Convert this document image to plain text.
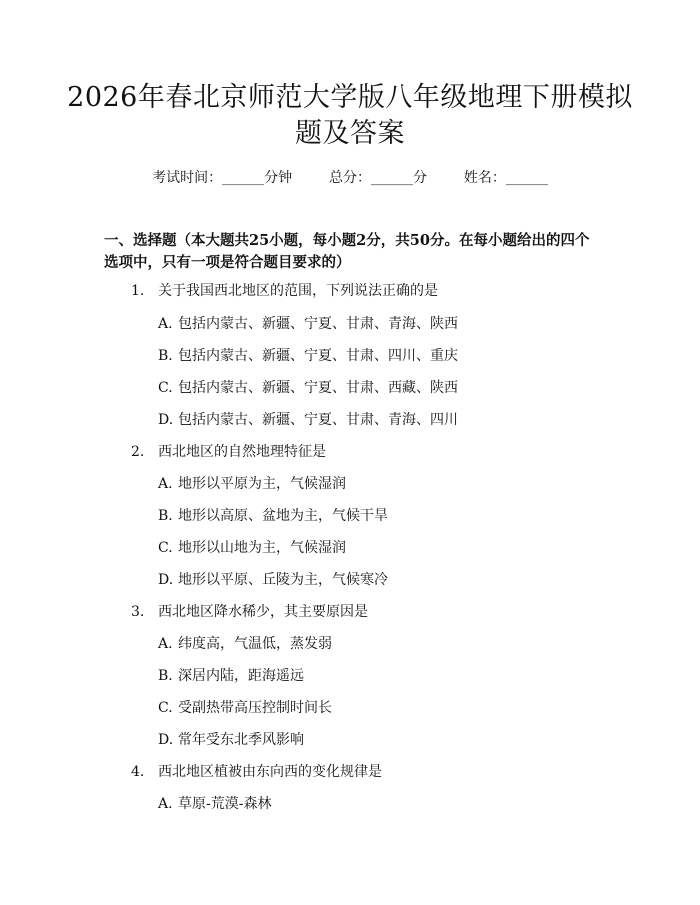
2026年春北京师范大学版八年级地理下册模拟题及答案
考试时间：______分钟	总分：______分	姓名：______
一、选择题（本大题共25小题，每小题2分，共50分。在每小题给出的四个选项中，只有一项是符合题目要求的）
1. 关于我国西北地区的范围，下列说法正确的是
A. 包括内蒙古、新疆、宁夏、甘肃、青海、陕西
B. 包括内蒙古、新疆、宁夏、甘肃、四川、重庆
C. 包括内蒙古、新疆、宁夏、甘肃、西藏、陕西
D. 包括内蒙古、新疆、宁夏、甘肃、青海、四川
2. 西北地区的自然地理特征是
A. 地形以平原为主，气候湿润
B. 地形以高原、盆地为主，气候干旱
C. 地形以山地为主，气候湿润
D. 地形以平原、丘陵为主，气候寒冷
3. 西北地区降水稀少，其主要原因是
A. 纬度高，气温低，蒸发弱
B. 深居内陆，距海遥远
C. 受副热带高压控制时间长
D. 常年受东北季风影响
4. 西北地区植被由东向西的变化规律是
A. 草原-荒漠-森林
